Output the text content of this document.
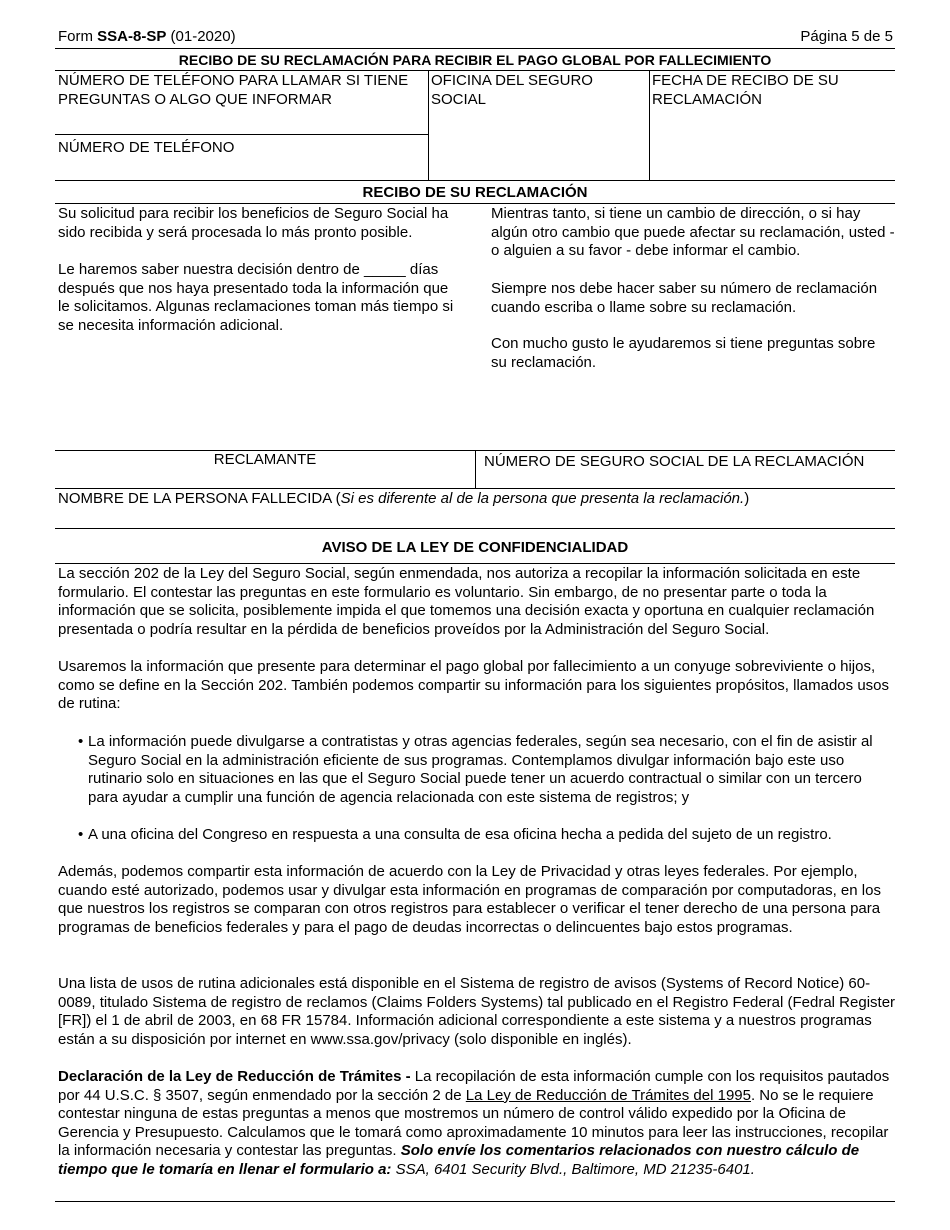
Form SSA-8-SP (01-2020)	Página 5 de 5
RECIBO DE SU RECLAMACIÓN PARA RECIBIR EL PAGO GLOBAL POR FALLECIMIENTO
NÚMERO DE TELÉFONO PARA LLAMAR SI TIENE PREGUNTAS O ALGO QUE INFORMAR
OFICINA DEL SEGURO SOCIAL
FECHA DE RECIBO DE SU RECLAMACIÓN
NÚMERO DE TELÉFONO
RECIBO DE SU RECLAMACIÓN
Su solicitud para recibir los beneficios de Seguro Social ha sido recibida y será procesada lo más pronto posible.
Le haremos saber nuestra decisión dentro de _____ días después que nos haya presentado toda la información que le solicitamos. Algunas reclamaciones toman más tiempo si se necesita información adicional.
Mientras tanto, si tiene un cambio de dirección, o si hay algún otro cambio que puede afectar su reclamación, usted - o alguien a su favor - debe informar el cambio.
Siempre nos debe hacer saber su número de reclamación cuando escriba o llame sobre su reclamación.
Con mucho gusto le ayudaremos si tiene preguntas sobre su reclamación.
RECLAMANTE	NÚMERO DE SEGURO SOCIAL DE LA RECLAMACIÓN
NOMBRE DE LA PERSONA FALLECIDA (Si es diferente al de la persona que presenta la reclamación.)
AVISO DE LA LEY DE CONFIDENCIALIDAD
La sección 202 de la Ley del Seguro Social, según enmendada, nos autoriza a recopilar la información solicitada en este formulario. El contestar las preguntas en este formulario es voluntario. Sin embargo, de no presentar parte o toda la información que se solicita, posiblemente impida el que tomemos una decisión exacta y oportuna en cualquier reclamación presentada o podría resultar en la pérdida de beneficios proveídos por la Administración del Seguro Social.
Usaremos la información que presente para determinar el pago global por fallecimiento a un conyuge sobreviviente o hijos, como se define en la Sección 202. También podemos compartir su información para los siguientes propósitos, llamados usos de rutina:
• La información puede divulgarse a contratistas y otras agencias federales, según sea necesario, con el fin de asistir al Seguro Social en la administración eficiente de sus programas. Contemplamos divulgar información bajo este uso rutinario solo en situaciones en las que el Seguro Social puede tener un acuerdo contractual o similar con un tercero para ayudar a cumplir una función de agencia relacionada con este sistema de registros; y
• A una oficina del Congreso en respuesta a una consulta de esa oficina hecha a pedida del sujeto de un registro.
Además, podemos compartir esta información de acuerdo con la Ley de Privacidad y otras leyes federales. Por ejemplo, cuando esté autorizado, podemos usar y divulgar esta información en programas de comparación por computadoras, en los que nuestros los registros se comparan con otros registros para establecer o verificar el tener derecho de una persona para programas de beneficios federales y para el pago de deudas incorrectas o delincuentes bajo estos programas.
Una lista de usos de rutina adicionales está disponible en el Sistema de registro de avisos (Systems of Record Notice) 60-0089, titulado Sistema de registro de reclamos (Claims Folders Systems) tal publicado en el Registro Federal (Fedral Register [FR]) el 1 de abril de 2003, en 68 FR 15784. Información adicional correspondiente a este sistema y a nuestros programas están a su disposición por internet en www.ssa.gov/privacy (solo disponible en inglés).
Declaración de la Ley de Reducción de Trámites - La recopilación de esta información cumple con los requisitos pautados por 44 U.S.C. § 3507, según enmendado por la sección 2 de La Ley de Reducción de Trámites del 1995. No se le requiere contestar ninguna de estas preguntas a menos que mostremos un número de control válido expedido por la Oficina de Gerencia y Presupuesto. Calculamos que le tomará como aproximadamente 10 minutos para leer las instrucciones, recopilar la información necesaria y contestar las preguntas. Solo envíe los comentarios relacionados con nuestro cálculo de tiempo que le tomaría en llenar el formulario a: SSA, 6401 Security Blvd., Baltimore, MD 21235-6401.
